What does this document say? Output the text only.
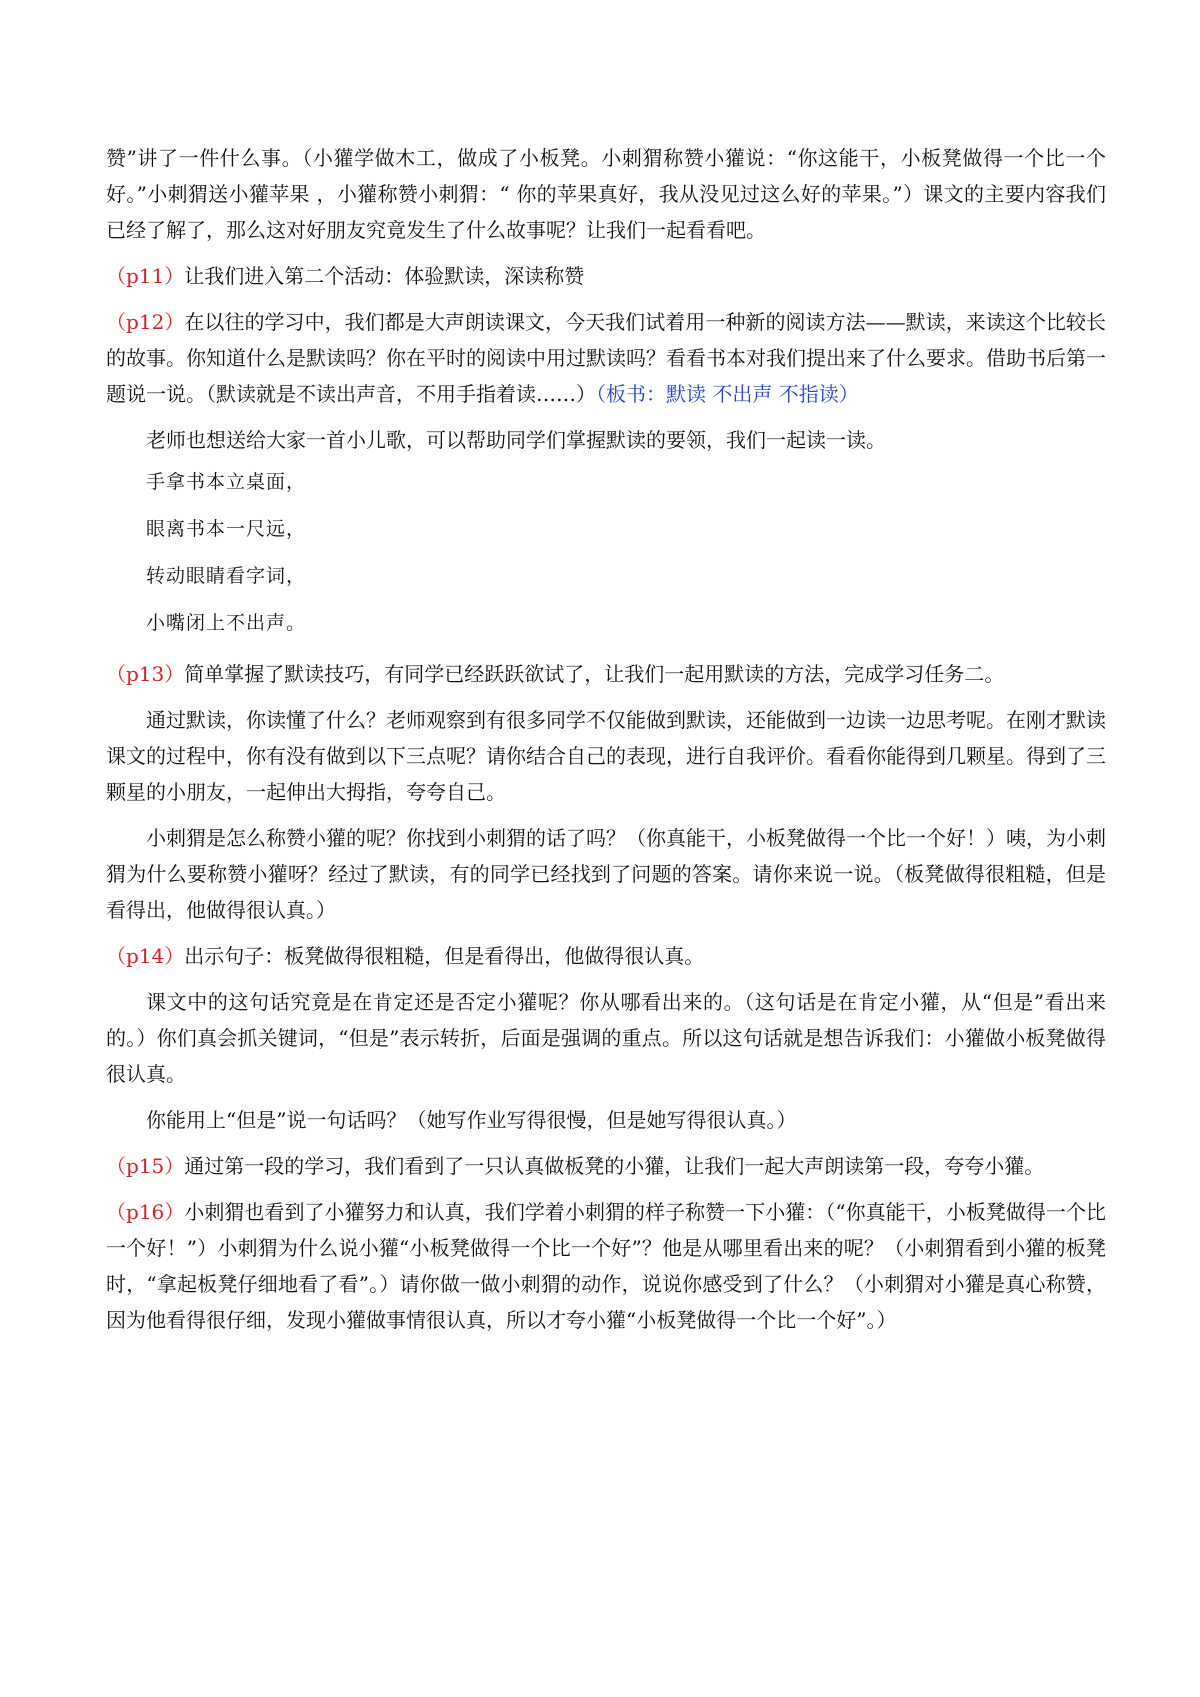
赞”讲了一件什么事。（小獾学做木工，做成了小板凳。小刺猬称赞小獾说：“你这能干，小板凳做得一个比一个好。”小刺猬送小獾苹果 ，小獾称赞小刺猬：“ 你的苹果真好，我从没见过这么好的苹果。”）课文的主要内容我们已经了解了，那么这对好朋友究竟发生了什么故事呢？让我们一起看看吧。

（p11）让我们进入第二个活动：体验默读，深读称赞

（p12）在以往的学习中，我们都是大声朗读课文，今天我们试着用一种新的阅读方法——默读，来读这个比较长的故事。你知道什么是默读吗？你在平时的阅读中用过默读吗？看看书本对我们提出来了什么要求。借助书后第一题说一说。（默读就是不读出声音，不用手指着读……）（板书：默读 不出声 不指读）

老师也想送给大家一首小儿歌，可以帮助同学们掌握默读的要领，我们一起读一读。

手拿书本立桌面，

眼离书本一尺远，

转动眼睛看字词，

小嘴闭上不出声。

（p13）简单掌握了默读技巧，有同学已经跃跃欲试了，让我们一起用默读的方法，完成学习任务二。

通过默读，你读懂了什么？老师观察到有很多同学不仅能做到默读，还能做到一边读一边思考呢。在刚才默读课文的过程中，你有没有做到以下三点呢？请你结合自己的表现，进行自我评价。看看你能得到几颗星。得到了三颗星的小朋友，一起伸出大拇指，夸夸自己。

小刺猬是怎么称赞小獾的呢？你找到小刺猬的话了吗？（你真能干，小板凳做得一个比一个好！）咦，为小刺猬为什么要称赞小獾呀？经过了默读，有的同学已经找到了问题的答案。请你来说一说。（板凳做得很粗糙，但是看得出，他做得很认真。）

（p14）出示句子：板凳做得很粗糙，但是看得出，他做得很认真。

课文中的这句话究竟是在肯定还是否定小獾呢？你从哪看出来的。（这句话是在肯定小獾，从“但是”看出来的。）你们真会抓关键词，“但是”表示转折，后面是强调的重点。所以这句话就是想告诉我们：小獾做小板凳做得很认真。

你能用上“但是”说一句话吗？（她写作业写得很慢，但是她写得很认真。）

（p15）通过第一段的学习，我们看到了一只认真做板凳的小獾，让我们一起大声朗读第一段，夸夸小獾。

（p16）小刺猬也看到了小獾努力和认真，我们学着小刺猬的样子称赞一下小獾：（“你真能干，小板凳做得一个比一个好！”）小刺猬为什么说小獾“小板凳做得一个比一个好”？他是从哪里看出来的呢？（小刺猬看到小獾的板凳时，“拿起板凳仔细地看了看”。）请你做一做小刺猬的动作，说说你感受到了什么？（小刺猬对小獾是真心称赞，因为他看得很仔细，发现小獾做事情很认真，所以才夸小獾“小板凳做得一个比一个好”。）
